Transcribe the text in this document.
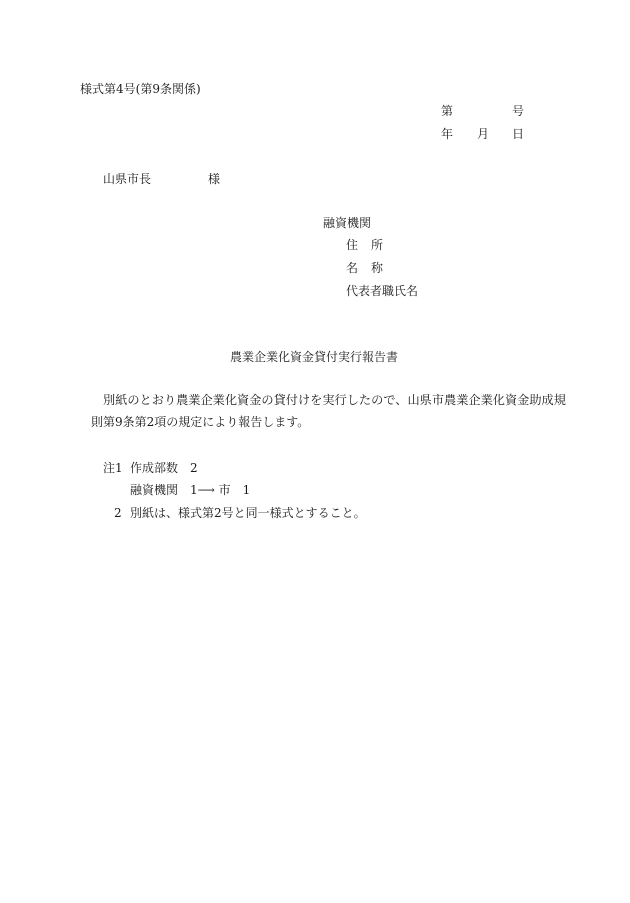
様式第4号(第9条関係)
第	号
年 月 日
山県市長	様
融資機関
住 所
名 称
代表者職氏名
農業企業化資金貸付実行報告書
別紙のとおり農業企業化資金の貸付けを実行したので、山県市農業企業化資金助成規
則第9条第2項の規定により報告します。
注1 作成部数　2
融資機関　1⟶ 市　1
2 別紙は、様式第2号と同一様式とすること。
